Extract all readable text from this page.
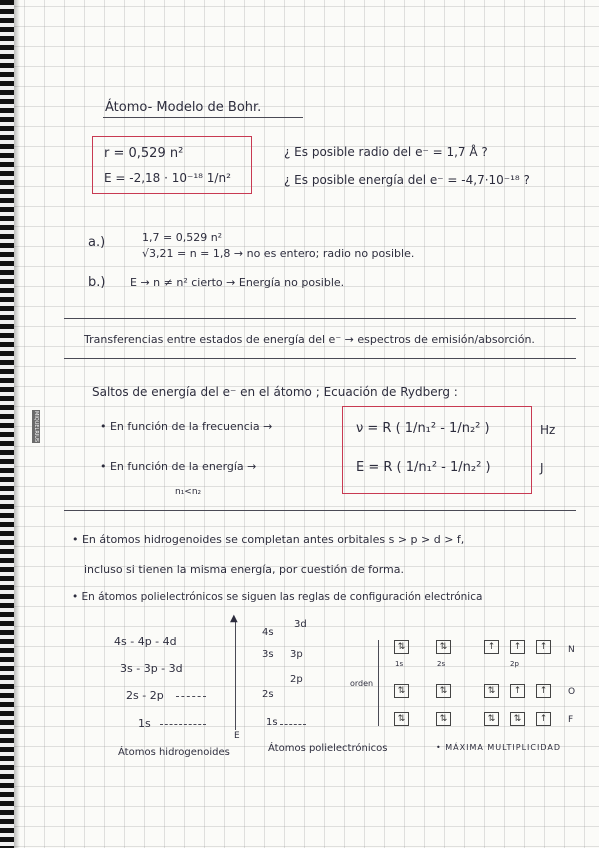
MIQUELRIUS
Átomo- Modelo de Bohr.
r = 0,529 n²
E = -2,18 · 10⁻¹⁸ 1/n²
¿ Es posible radio del e⁻ = 1,7 Å ?
¿ Es posible energía del e⁻ = -4,7·10⁻¹⁸ ?
a.)	1,7 = 0,529 n²
√3,21 = n = 1,8 → no es entero; radio no posible.
b.) E → n ≠ n² cierto → Energía no posible.
Transferencias entre estados de energía del e⁻ → espectros de emisión/absorción.
Saltos de energía del e⁻ en el átomo ; Ecuación de Rydberg :
• En función de la frecuencia →
• En función de la energía →
n₁<n₂
ν = R ( 1/n₁² - 1/n₂² )	Hz
E = R ( 1/n₁² - 1/n₂² )	J
• En átomos hidrogenoides se completan antes orbitales s > p > d > f,
incluso si tienen la misma energía, por cuestión de forma.
• En átomos polielectrónicos se siguen las reglas de configuración electrónica
4s - 4p - 4d
3s - 3p - 3d
2s - 2p
1s
▲
E
4s
3d
3s 3p
2p
2s
1s
Átomos hidrogenoides	Átomos polielectrónicos	• MÁXIMA MULTIPLICIDAD
orden
⇅	⇅	↑	↑	↑	N
1s	2s	2p
⇅	⇅	⇅	↑	↑	O
⇅	⇅	⇅	⇅	↑	F
